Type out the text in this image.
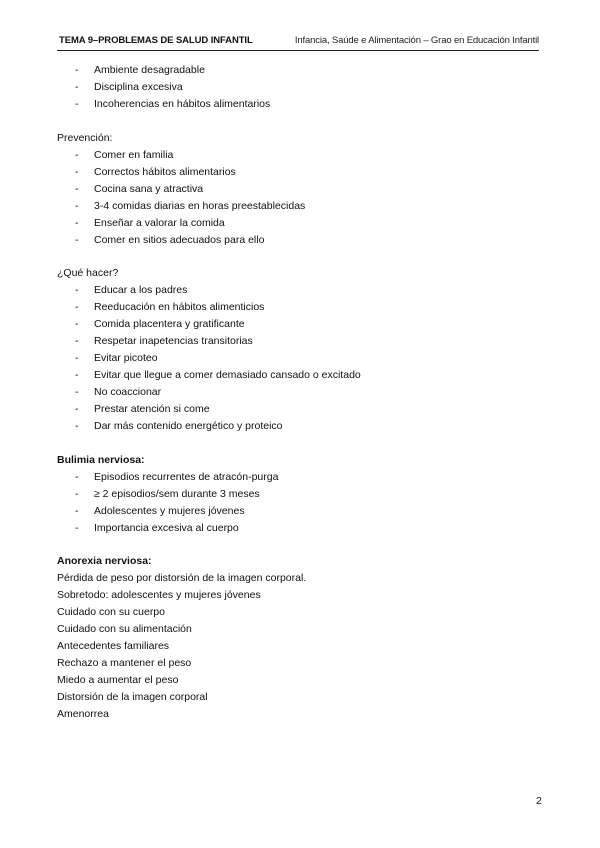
TEMA 9–PROBLEMAS DE SALUD INFANTIL	Infancia, Saúde e Alimentación – Grao en Educación Infantil
- Ambiente desagradable
- Disciplina excesiva
- Incoherencias en hábitos alimentarios
Prevención:
- Comer en familia
- Correctos hábitos alimentarios
- Cocina sana y atractiva
- 3-4 comidas diarias en horas preestablecidas
- Enseñar a valorar la comida
- Comer en sitios adecuados para ello
¿Qué hacer?
- Educar a los padres
- Reeducación en hábitos alimenticios
- Comida placentera y gratificante
- Respetar inapetencias transitorias
- Evitar picoteo
- Evitar que llegue a comer demasiado cansado o excitado
- No coaccionar
- Prestar atención si come
- Dar más contenido energético y proteico
Bulimia nerviosa:
- Episodios recurrentes de atracón-purga
- ≥ 2 episodios/sem durante 3 meses
- Adolescentes y mujeres jóvenes
- Importancia excesiva al cuerpo
Anorexia nerviosa:
Pérdida de peso por distorsión de la imagen corporal.
Sobretodo: adolescentes y mujeres jóvenes
Cuidado con su cuerpo
Cuidado con su alimentación
Antecedentes familiares
Rechazo a mantener el peso
Miedo a aumentar el peso
Distorsión de la imagen corporal
Amenorrea
2
